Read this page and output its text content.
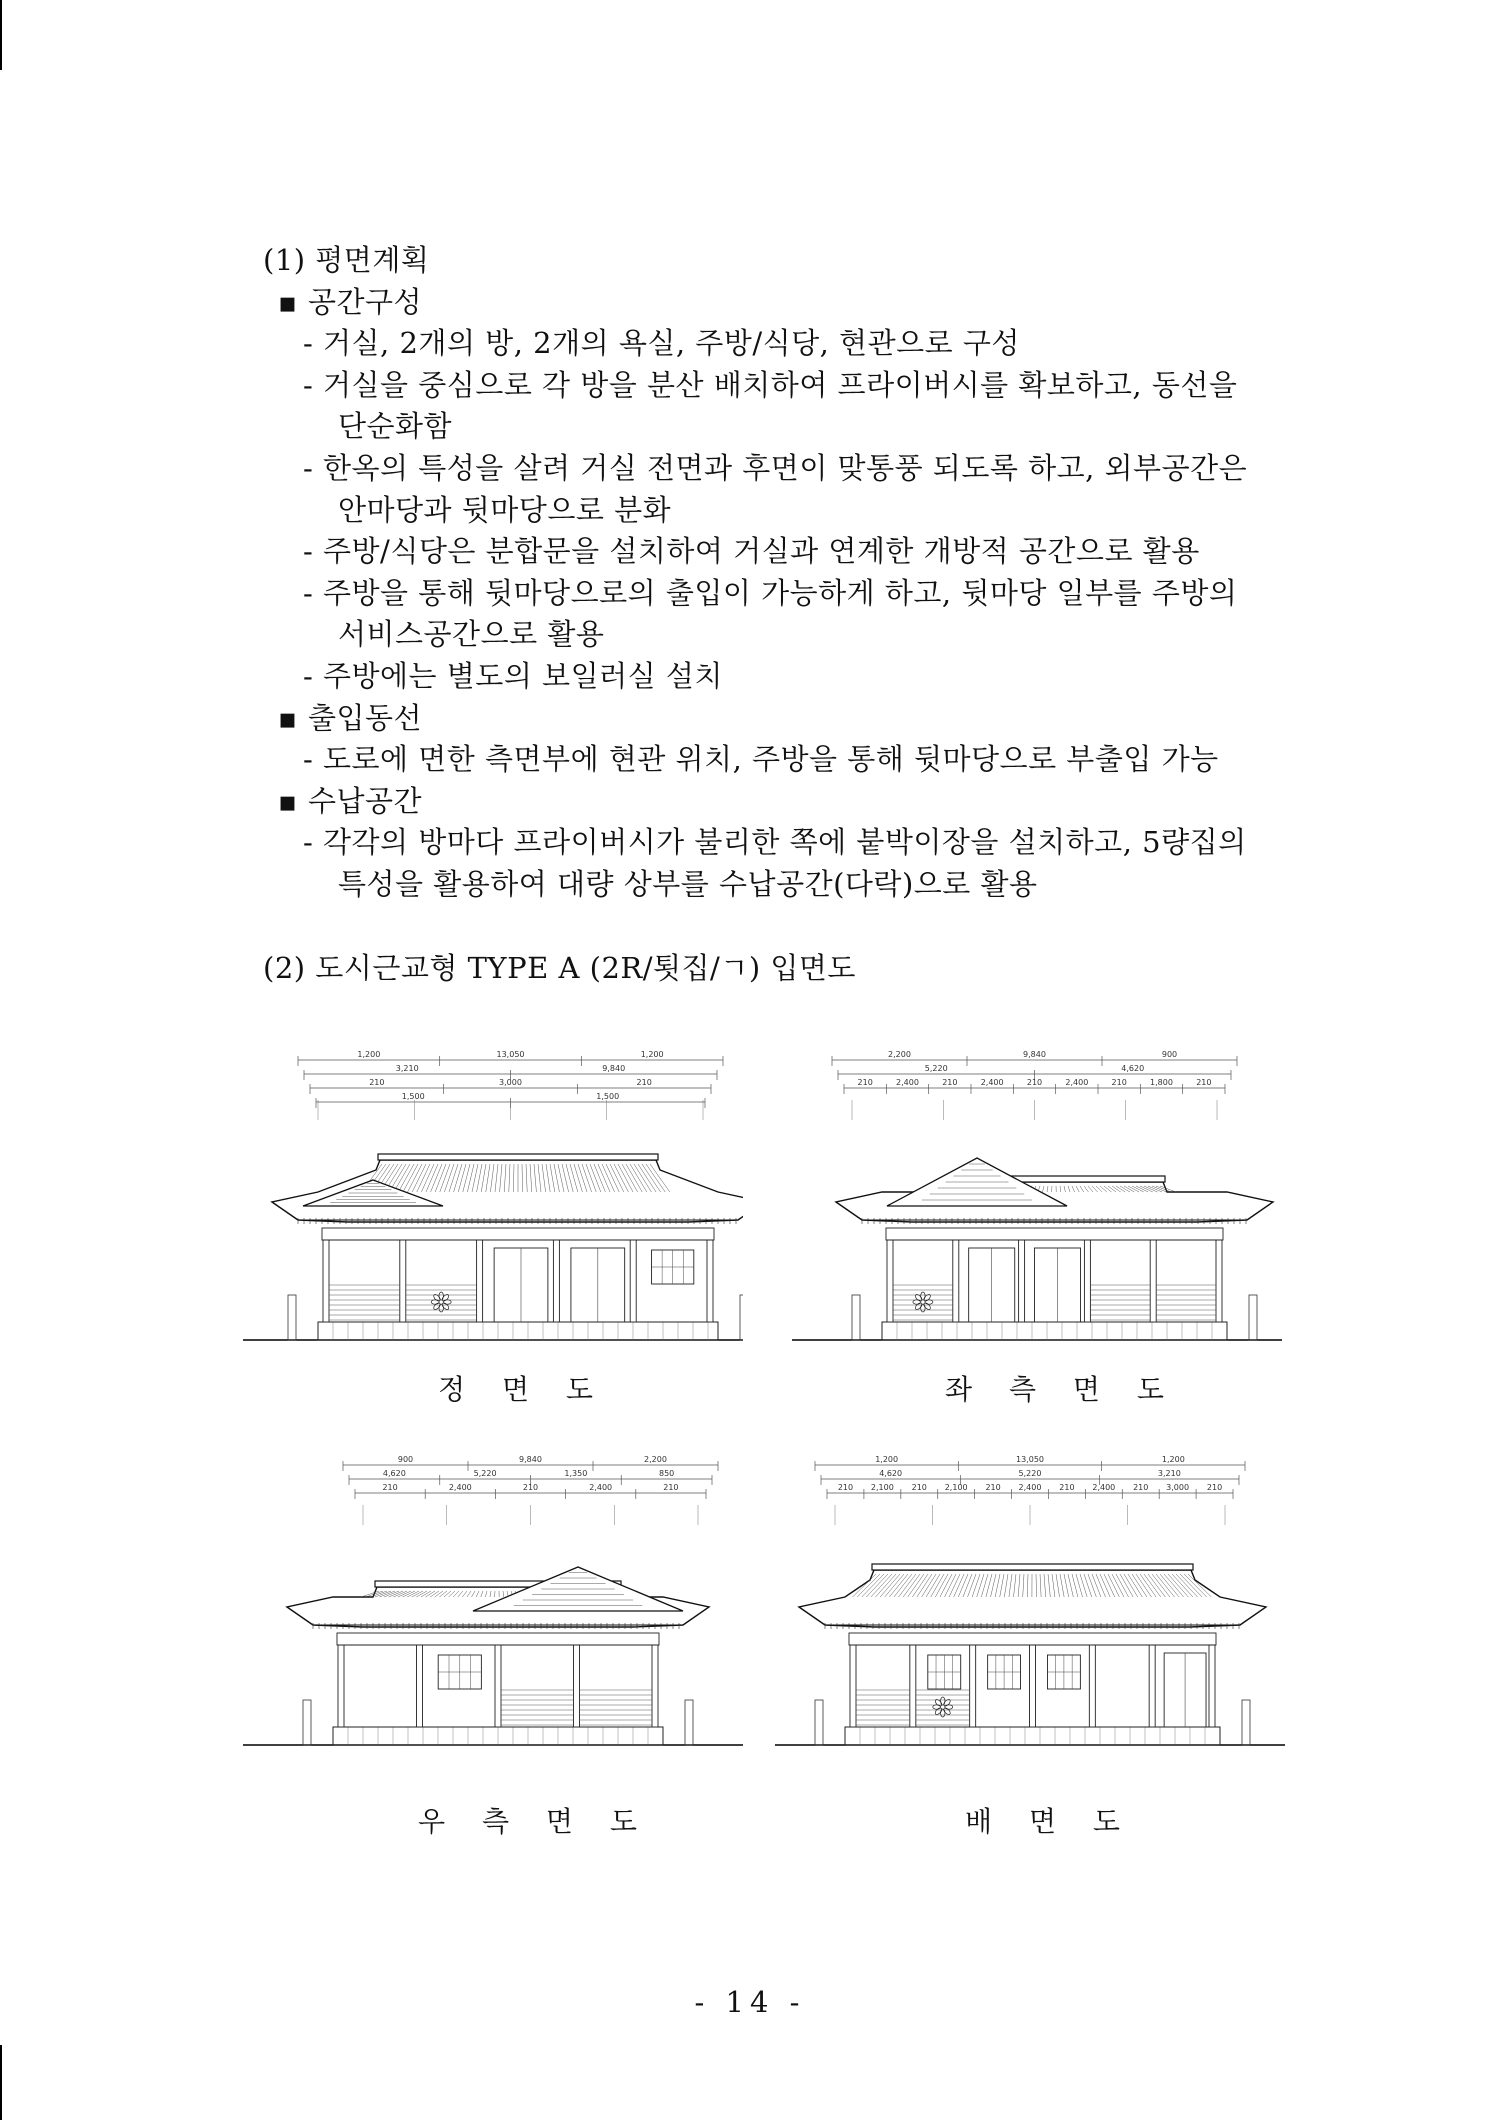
(1) 평면계획
▪ 공간구성
- 거실, 2개의 방, 2개의 욕실, 주방/식당, 현관으로 구성
- 거실을 중심으로 각 방을 분산 배치하여 프라이버시를 확보하고, 동선을
단순화함
- 한옥의 특성을 살려 거실 전면과 후면이 맞통풍 되도록 하고, 외부공간은
안마당과 뒷마당으로 분화
- 주방/식당은 분합문을 설치하여 거실과 연계한 개방적 공간으로 활용
- 주방을 통해 뒷마당으로의 출입이 가능하게 하고, 뒷마당 일부를 주방의
서비스공간으로 활용
- 주방에는 별도의 보일러실 설치
▪ 출입동선
- 도로에 면한 측면부에 현관 위치, 주방을 통해 뒷마당으로 부출입 가능
▪ 수납공간
- 각각의 방마다 프라이버시가 불리한 쪽에 붙박이장을 설치하고, 5량집의
특성을 활용하여 대량 상부를 수납공간(다락)으로 활용
(2) 도시근교형 TYPE A (2R/툇집/ㄱ) 입면도
1,200	13,050	1,200
3,210	9,840
210	3,000	210
1,500	1,500
2,200	9,840	900
5,220	4,620
210	2,400	210	2,400	210	2,400	210	1,800	210
900	9,840	2,200
4,620	5,220	1,350	850
210	2,400	210	2,400	210
1,200	13,050	1,200
4,620	5,220	3,210
210 2,100 210 2,100 210 2,400 210 2,400 210 3,000 210
정 면 도	좌 측 면 도
우 측 면 도	배 면 도
- 14 -
